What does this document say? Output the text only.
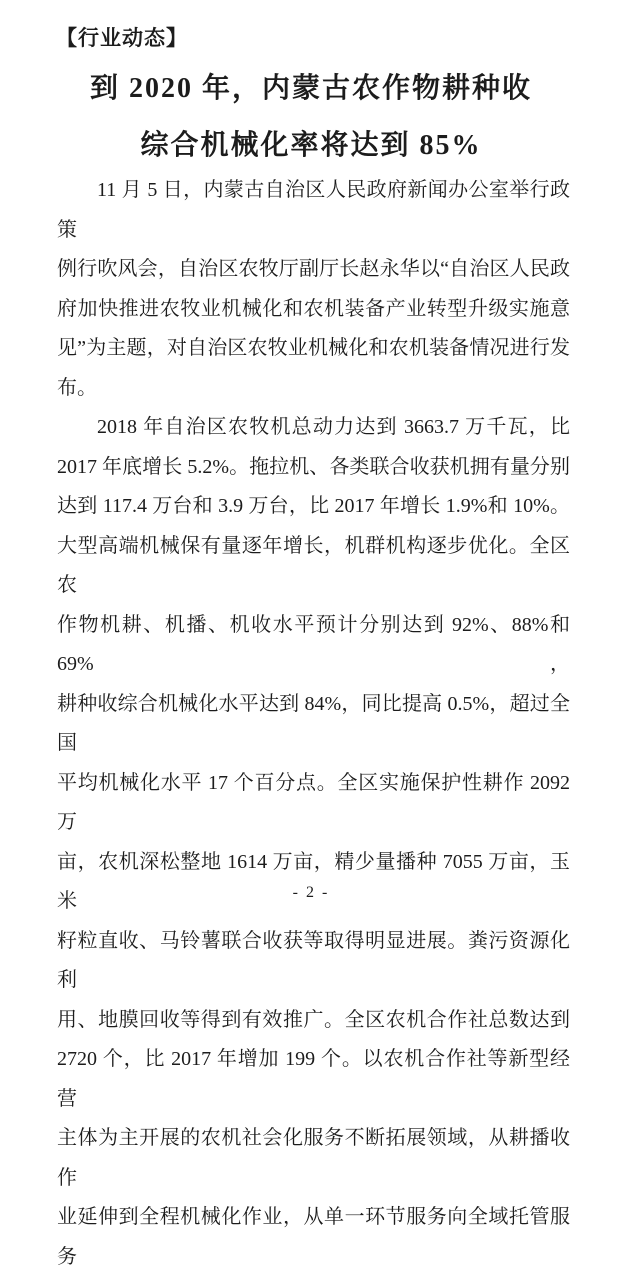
【行业动态】
到 2020 年，内蒙古农作物耕种收
综合机械化率将达到 85%
11 月 5 日，内蒙古自治区人民政府新闻办公室举行政策
例行吹风会，自治区农牧厅副厅长赵永华以“自治区人民政
府加快推进农牧业机械化和农机装备产业转型升级实施意
见”为主题，对自治区农牧业机械化和农机装备情况进行发
布。
2018 年自治区农牧机总动力达到 3663.7 万千瓦，比
2017 年底增长 5.2%。拖拉机、各类联合收获机拥有量分别
达到 117.4 万台和 3.9 万台，比 2017 年增长 1.9%和 10%。
大型高端机械保有量逐年增长，机群机构逐步优化。全区农
作物机耕、机播、机收水平预计分别达到 92%、88%和 69%，
耕种收综合机械化水平达到 84%，同比提高 0.5%，超过全国
平均机械化水平 17 个百分点。全区实施保护性耕作 2092 万
亩，农机深松整地 1614 万亩，精少量播种 7055 万亩，玉米
籽粒直收、马铃薯联合收获等取得明显进展。粪污资源化利
用、地膜回收等得到有效推广。全区农机合作社总数达到
2720 个，比 2017 年增加 199 个。以农机合作社等新型经营
主体为主开展的农机社会化服务不断拓展领域，从耕播收作
业延伸到全程机械化作业，从单一环节服务向全域托管服务
- 2 -
